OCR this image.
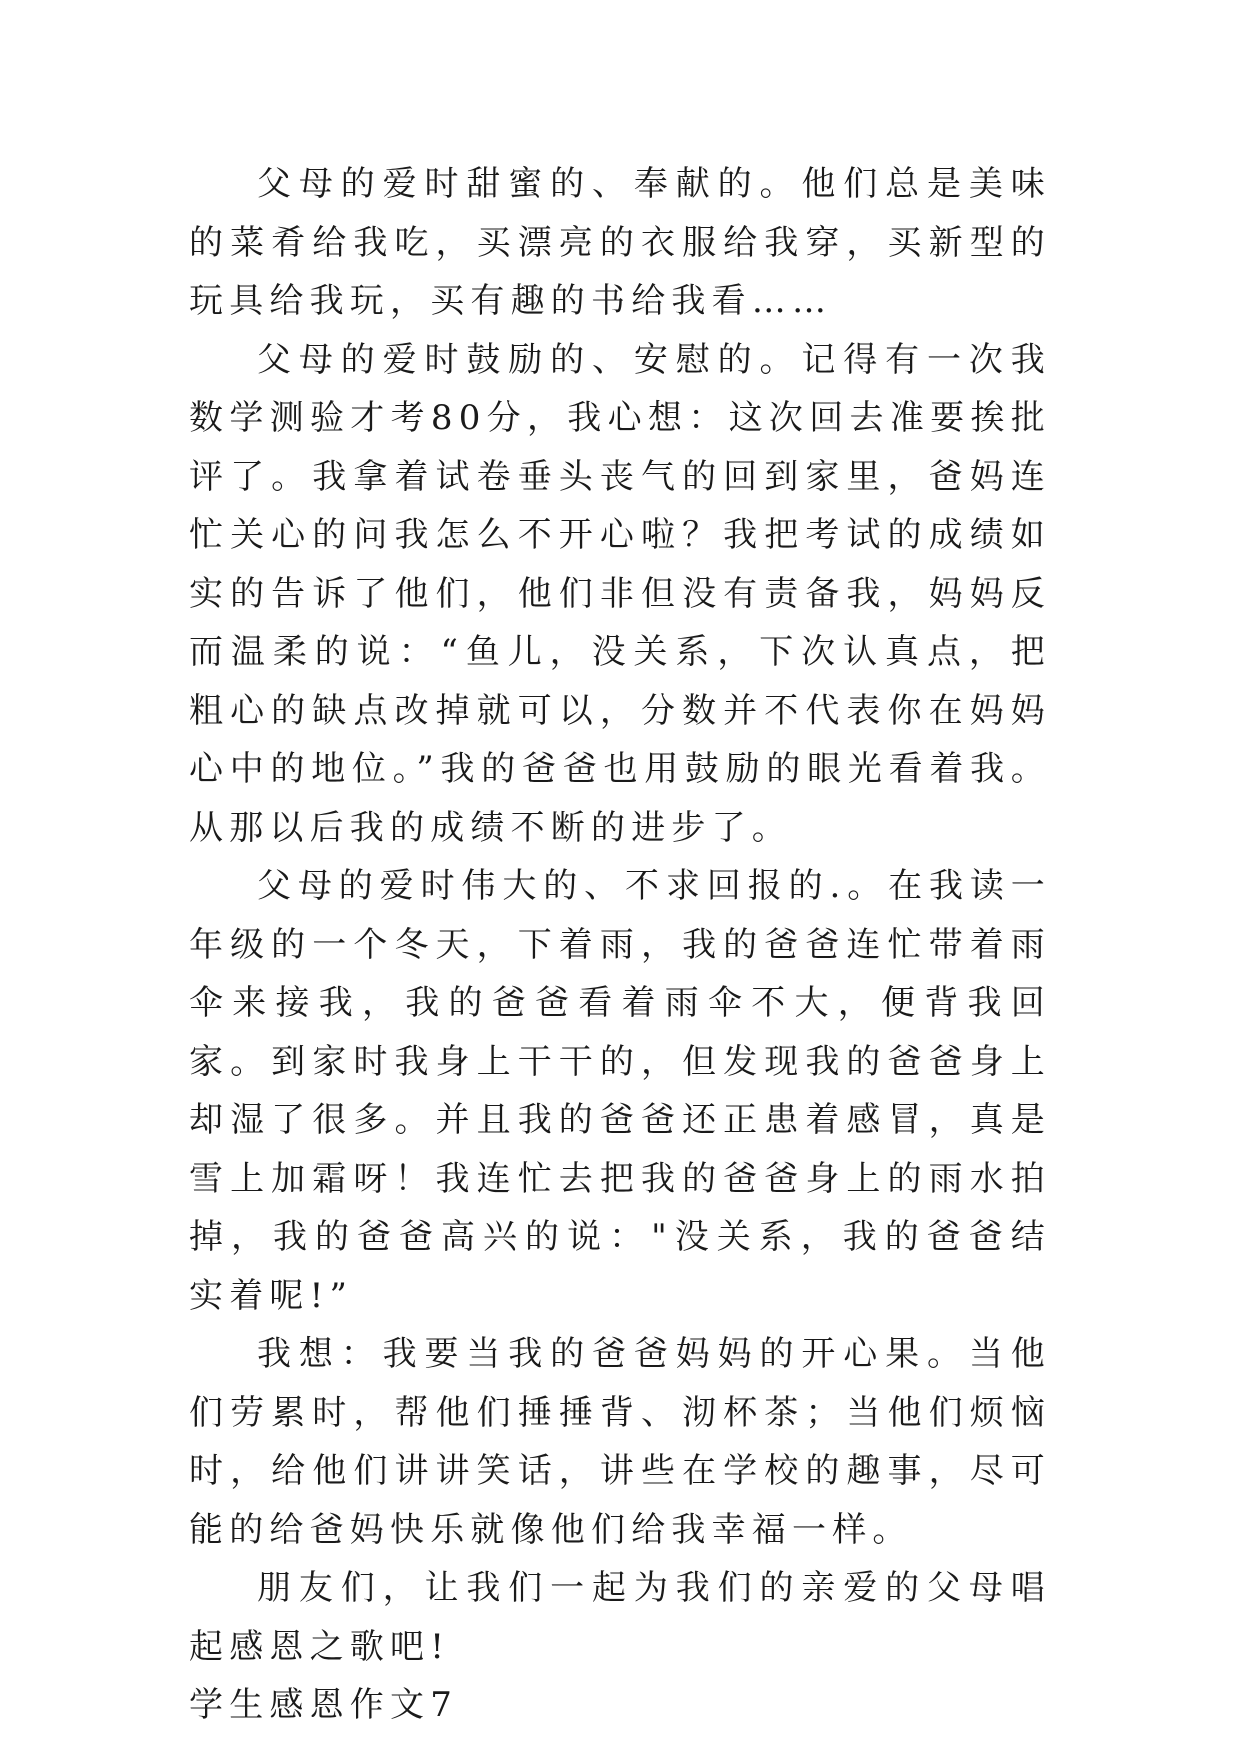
父母的爱时甜蜜的、奉献的。他们总是美味的菜肴给我吃，买漂亮的衣服给我穿，买新型的玩具给我玩，买有趣的书给我看……

父母的爱时鼓励的、安慰的。记得有一次我数学测验才考80分，我心想：这次回去准要挨批评了。我拿着试卷垂头丧气的回到家里，爸妈连忙关心的问我怎么不开心啦？我把考试的成绩如实的告诉了他们，他们非但没有责备我，妈妈反而温柔的说：“鱼儿，没关系，下次认真点，把粗心的缺点改掉就可以，分数并不代表你在妈妈心中的地位。”我的爸爸也用鼓励的眼光看着我。从那以后我的成绩不断的进步了。

父母的爱时伟大的、不求回报的.。在我读一年级的一个冬天，下着雨，我的爸爸连忙带着雨伞来接我，我的爸爸看着雨伞不大，便背我回家。到家时我身上干干的，但发现我的爸爸身上却湿了很多。并且我的爸爸还正患着感冒，真是雪上加霜呀！我连忙去把我的爸爸身上的雨水拍掉，我的爸爸高兴的说："没关系，我的爸爸结实着呢!”

我想：我要当我的爸爸妈妈的开心果。当他们劳累时，帮他们捶捶背、沏杯茶；当他们烦恼时，给他们讲讲笑话，讲些在学校的趣事，尽可能的给爸妈快乐就像他们给我幸福一样。

朋友们，让我们一起为我们的亲爱的父母唱起感恩之歌吧!

学生感恩作文7
